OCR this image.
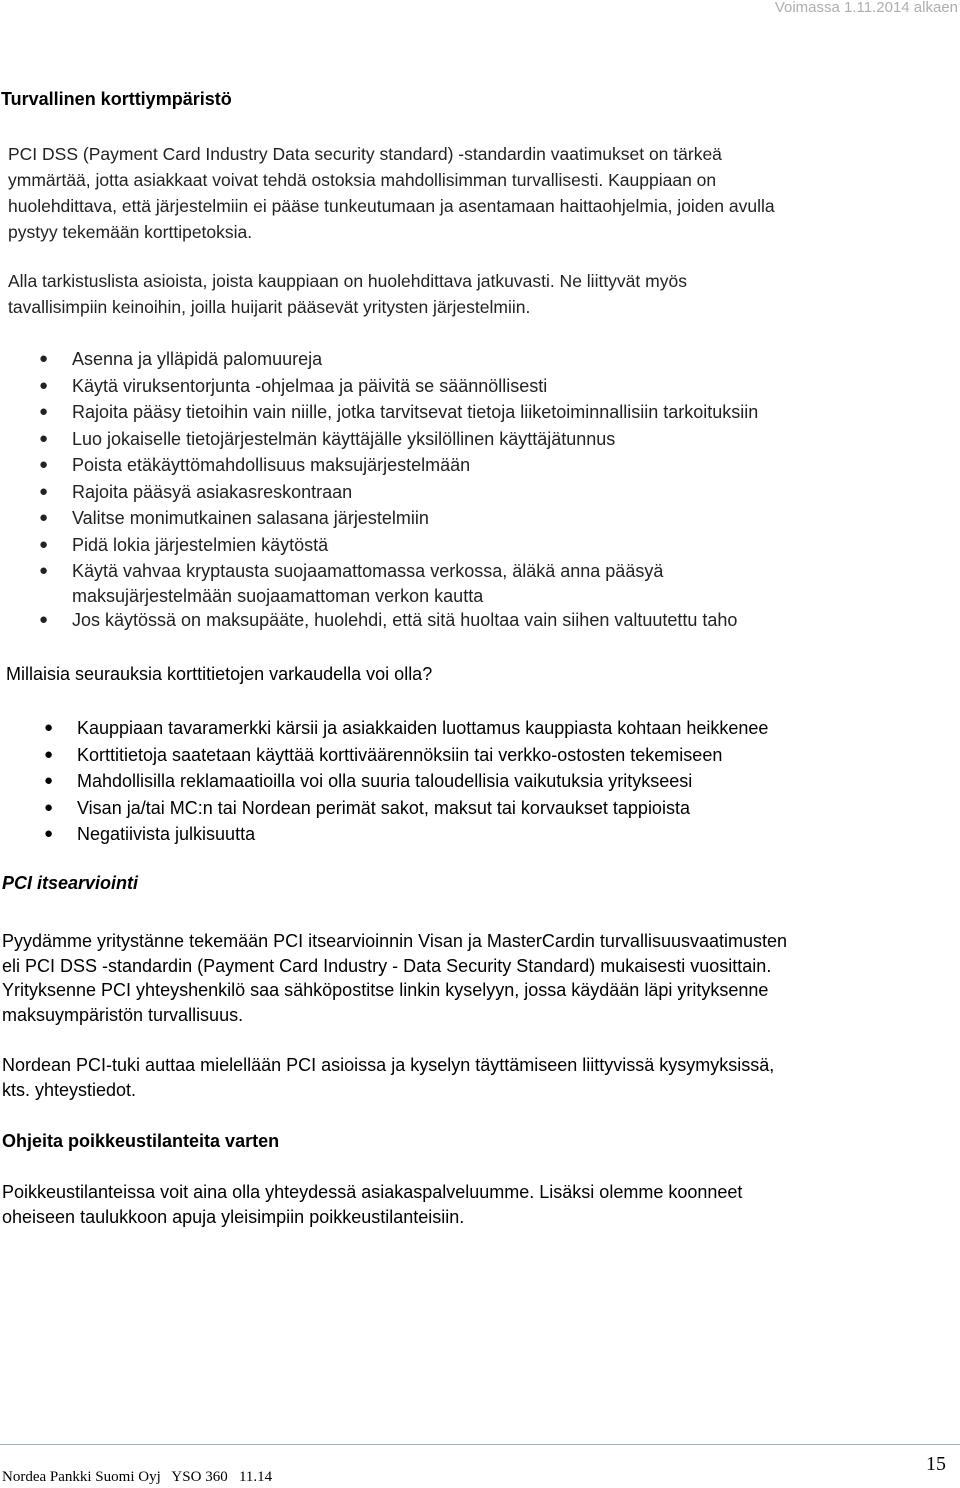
Voimassa 1.11.2014 alkaen
Turvallinen korttiympäristö
PCI DSS (Payment Card Industry Data security standard) -standardin vaatimukset on tärkeä
ymmärtää, jotta asiakkaat voivat tehdä ostoksia mahdollisimman turvallisesti. Kauppiaan on
huolehdittava, että järjestelmiin ei pääse tunkeutumaan ja asentamaan haittaohjelmia, joiden avulla
pystyy tekemään korttipetoksia.
Alla tarkistuslista asioista, joista kauppiaan on huolehdittava jatkuvasti. Ne liittyvät myös
tavallisimpiin keinoihin, joilla huijarit pääsevät yritysten järjestelmiin.
● Asenna ja ylläpidä palomuureja
● Käytä viruksentorjunta -ohjelmaa ja päivitä se säännöllisesti
● Rajoita pääsy tietoihin vain niille, jotka tarvitsevat tietoja liiketoiminnallisiin tarkoituksiin
● Luo jokaiselle tietojärjestelmän käyttäjälle yksilöllinen käyttäjätunnus
● Poista etäkäyttömahdollisuus maksujärjestelmään
● Rajoita pääsyä asiakasreskontraan
● Valitse monimutkainen salasana järjestelmiin
● Pidä lokia järjestelmien käytöstä
● Käytä vahvaa kryptausta suojaamattomassa verkossa, äläkä anna pääsyä
maksujärjestelmään suojaamattoman verkon kautta
● Jos käytössä on maksupääte, huolehdi, että sitä huoltaa vain siihen valtuutettu taho
Millaisia seurauksia korttitietojen varkaudella voi olla?
● Kauppiaan tavaramerkki kärsii ja asiakkaiden luottamus kauppiasta kohtaan heikkenee
● Korttitietoja saatetaan käyttää korttiväärennöksiin tai verkko-ostosten tekemiseen
● Mahdollisilla reklamaatioilla voi olla suuria taloudellisia vaikutuksia yritykseesi
● Visan ja/tai MC:n tai Nordean perimät sakot, maksut tai korvaukset tappioista
● Negatiivista julkisuutta
PCI itsearviointi
Pyydämme yritystänne tekemään PCI itsearvioinnin Visan ja MasterCardin turvallisuusvaatimusten
eli PCI DSS -standardin (Payment Card Industry - Data Security Standard) mukaisesti vuosittain.
Yrityksenne PCI yhteyshenkilö saa sähköpostitse linkin kyselyyn, jossa käydään läpi yrityksenne
maksuympäristön turvallisuus.
Nordean PCI-tuki auttaa mielellään PCI asioissa ja kyselyn täyttämiseen liittyvissä kysymyksissä,
kts. yhteystiedot.
Ohjeita poikkeustilanteita varten
Poikkeustilanteissa voit aina olla yhteydessä asiakaspalveluumme. Lisäksi olemme koonneet
oheiseen taulukkoon apuja yleisimpiin poikkeustilanteisiin.
15
Nordea Pankki Suomi Oyj   YSO 360   11.14
